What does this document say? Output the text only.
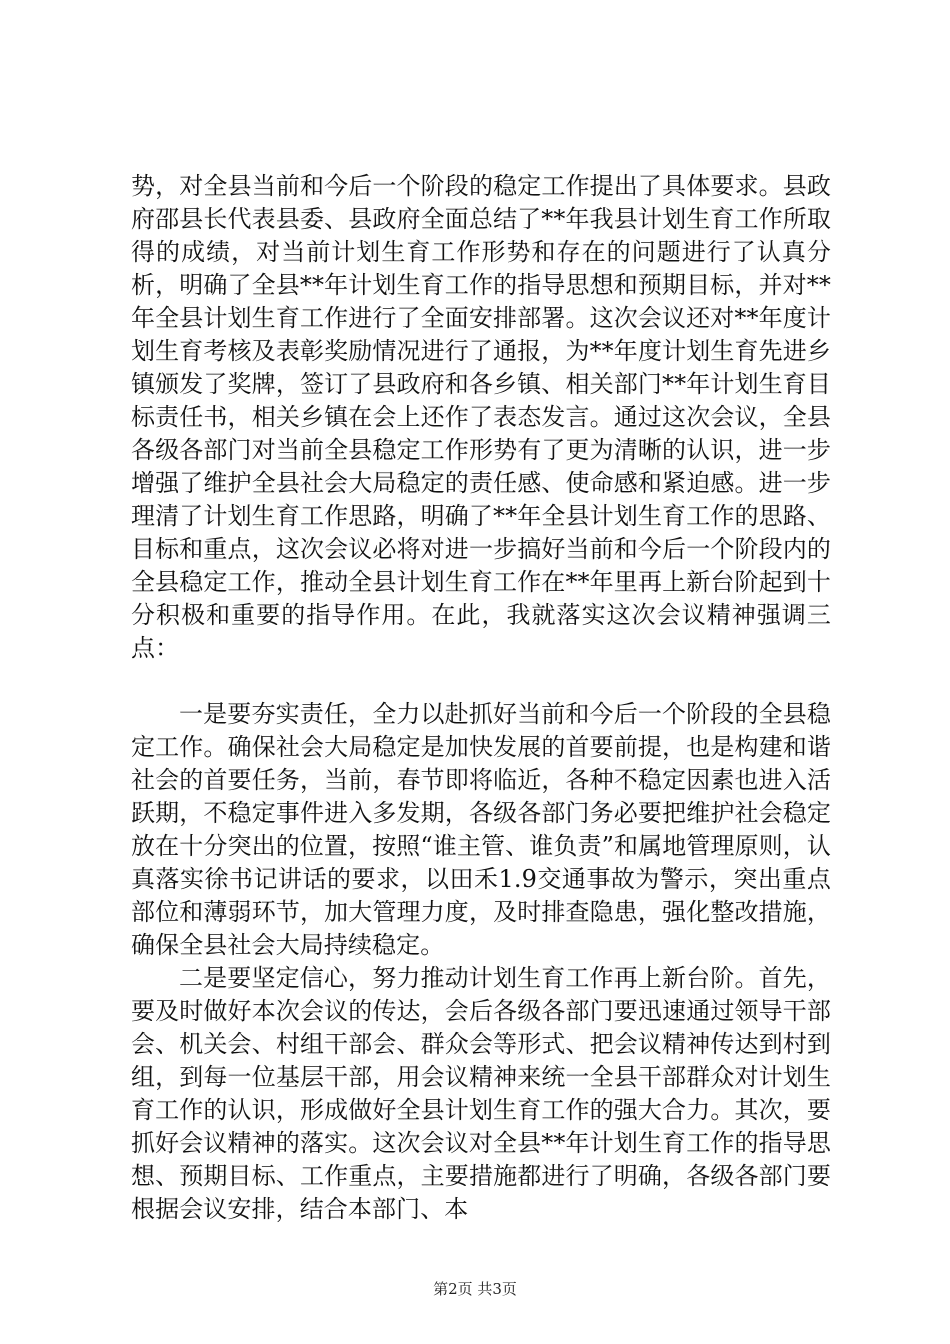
势，对全县当前和今后一个阶段的稳定工作提出了具体要求。县政府邵县长代表县委、县政府全面总结了**年我县计划生育工作所取得的成绩，对当前计划生育工作形势和存在的问题进行了认真分析，明确了全县**年计划生育工作的指导思想和预期目标，并对**年全县计划生育工作进行了全面安排部署。这次会议还对**年度计划生育考核及表彰奖励情况进行了通报，为**年度计划生育先进乡镇颁发了奖牌，签订了县政府和各乡镇、相关部门**年计划生育目标责任书，相关乡镇在会上还作了表态发言。通过这次会议，全县各级各部门对当前全县稳定工作形势有了更为清晰的认识，进一步增强了维护全县社会大局稳定的责任感、使命感和紧迫感。进一步理清了计划生育工作思路，明确了**年全县计划生育工作的思路、目标和重点，这次会议必将对进一步搞好当前和今后一个阶段内的全县稳定工作，推动全县计划生育工作在**年里再上新台阶起到十分积极和重要的指导作用。在此，我就落实这次会议精神强调三点：

一是要夯实责任，全力以赴抓好当前和今后一个阶段的全县稳定工作。确保社会大局稳定是加快发展的首要前提，也是构建和谐社会的首要任务，当前，春节即将临近，各种不稳定因素也进入活跃期，不稳定事件进入多发期，各级各部门务必要把维护社会稳定放在十分突出的位置，按照“谁主管、谁负责”和属地管理原则，认真落实徐书记讲话的要求，以田禾1.9交通事故为警示，突出重点部位和薄弱环节，加大管理力度，及时排查隐患，强化整改措施，确保全县社会大局持续稳定。

二是要坚定信心，努力推动计划生育工作再上新台阶。首先，要及时做好本次会议的传达，会后各级各部门要迅速通过领导干部会、机关会、村组干部会、群众会等形式、把会议精神传达到村到组，到每一位基层干部，用会议精神来统一全县干部群众对计划生育工作的认识，形成做好全县计划生育工作的强大合力。其次，要抓好会议精神的落实。这次会议对全县**年计划生育工作的指导思想、预期目标、工作重点，主要措施都进行了明确，各级各部门要根据会议安排，结合本部门、本

第2页 共3页
